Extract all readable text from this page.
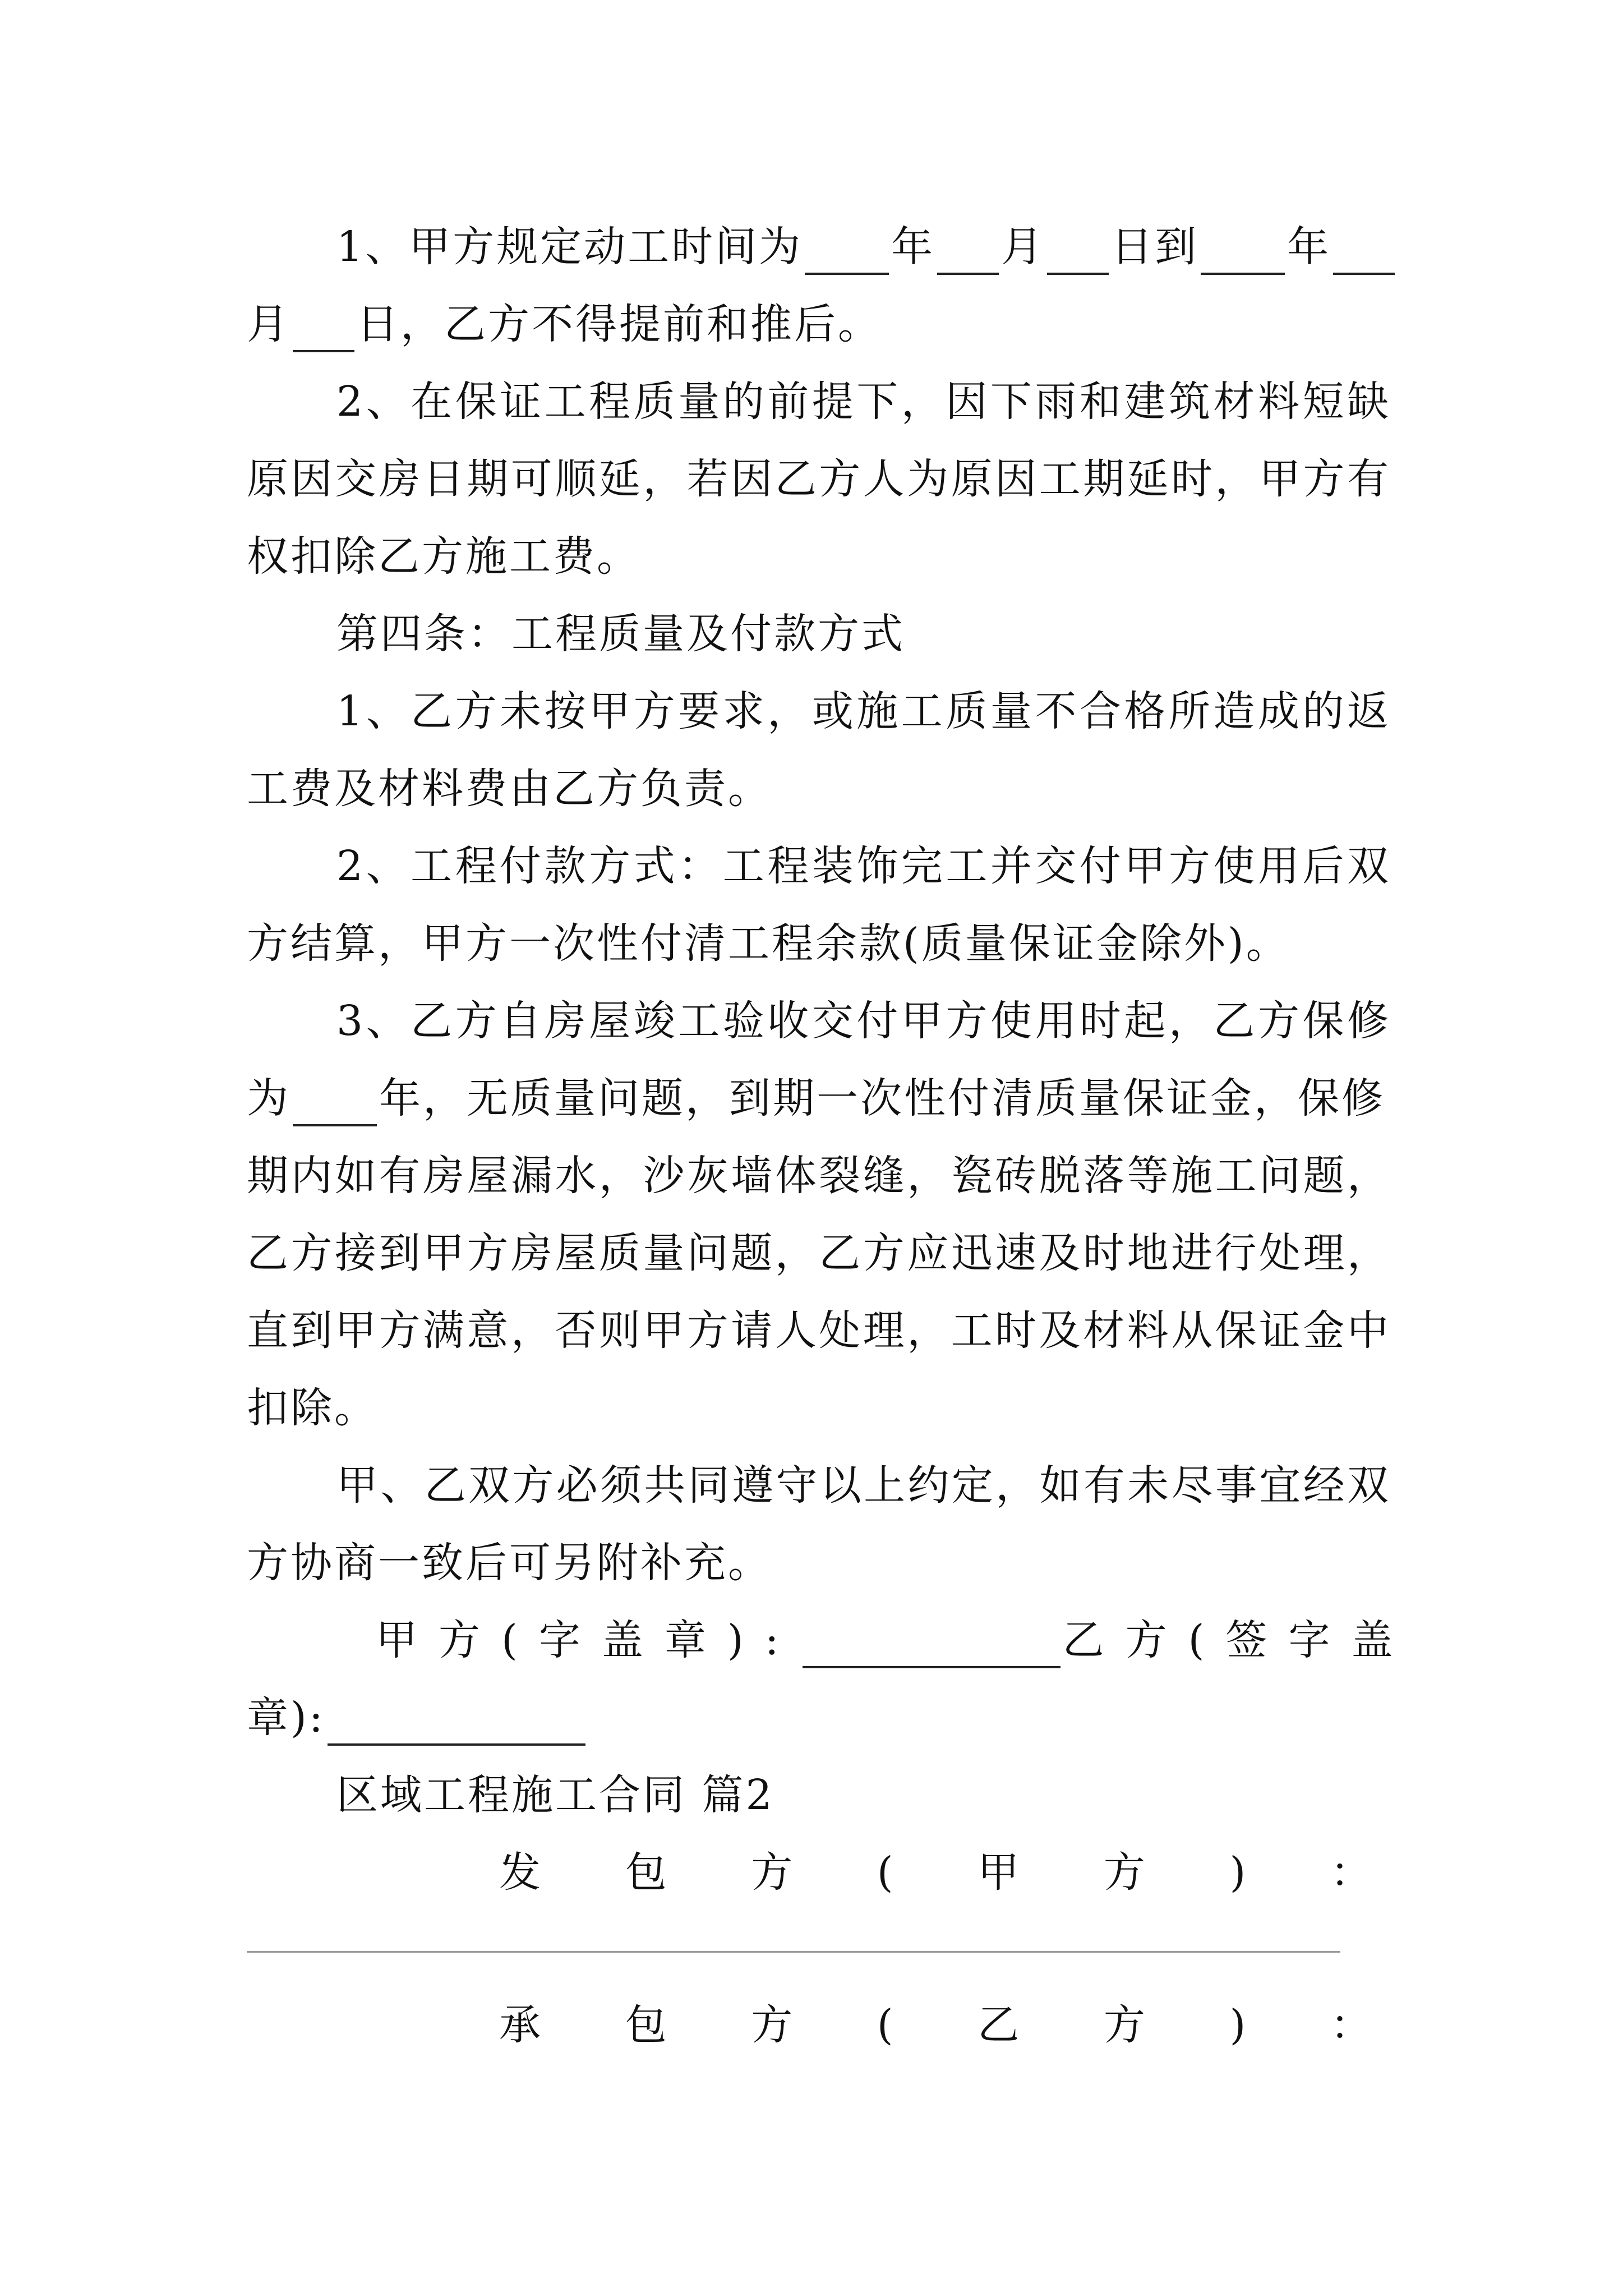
1、甲方规定动工时间为 年 月 日到 年
月 日，乙方不得提前和推后。
2、在保证工程质量的前提下，因下雨和建筑材料短缺
原因交房日期可顺延，若因乙方人为原因工期延时，甲方有
权扣除乙方施工费。
第四条：工程质量及付款方式
1、乙方未按甲方要求，或施工质量不合格所造成的返
工费及材料费由乙方负责。
2、工程付款方式：工程装饰完工并交付甲方使用后双
方结算，甲方一次性付清工程余款(质量保证金除外)。
3、乙方自房屋竣工验收交付甲方使用时起，乙方保修
为 年，无质量问题，到期一次性付清质量保证金，保修
期内如有房屋漏水，沙灰墙体裂缝，瓷砖脱落等施工问题，
乙方接到甲方房屋质量问题，乙方应迅速及时地进行处理，
直到甲方满意，否则甲方请人处理，工时及材料从保证金中
扣除。
甲、乙双方必须共同遵守以上约定，如有未尽事宜经双
方协商一致后可另附补充。
甲方(字盖章):	乙方(签字盖
章):
区域工程施工合同 篇2
发 包 方 ( 甲 方 ) ：
承 包 方 ( 乙 方 ) ：
